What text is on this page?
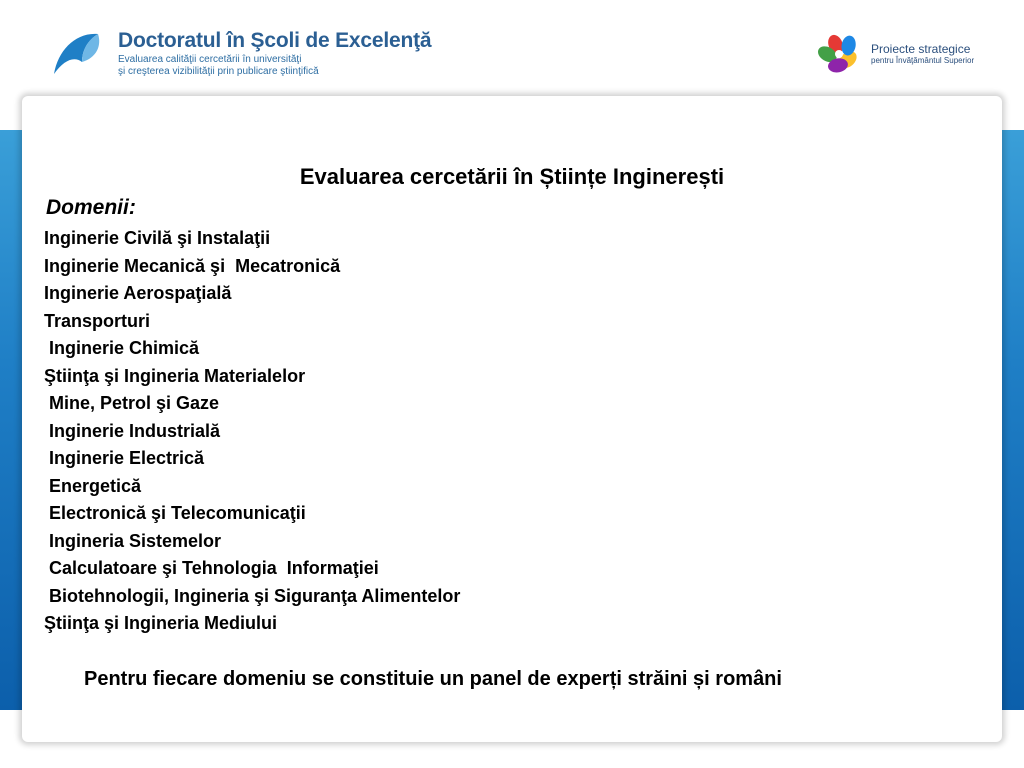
Doctoratul în Şcoli de Excelenţă
Evaluarea calităţii cercetării în universităţi
şi creşterea vizibilităţii prin publicare ştiinţifică
Proiecte strategice
pentru Învăţământul Superior
Evaluarea cercetării în Științe Inginerești
Domenii:
Inginerie Civilă şi Instalaţii
Inginerie Mecanică şi  Mecatronică
Inginerie Aerospaţială
Transporturi
Inginerie Chimică
Ştiinţa şi Ingineria Materialelor
Mine, Petrol şi Gaze
Inginerie Industrială
Inginerie Electrică
Energetică
Electronică şi Telecomunicaţii
Ingineria Sistemelor
Calculatoare şi Tehnologia  Informaţiei
Biotehnologii, Ingineria şi Siguranţa Alimentelor
Ştiinţa şi Ingineria Mediului
Pentru fiecare domeniu se constituie un panel de experți străini și români
